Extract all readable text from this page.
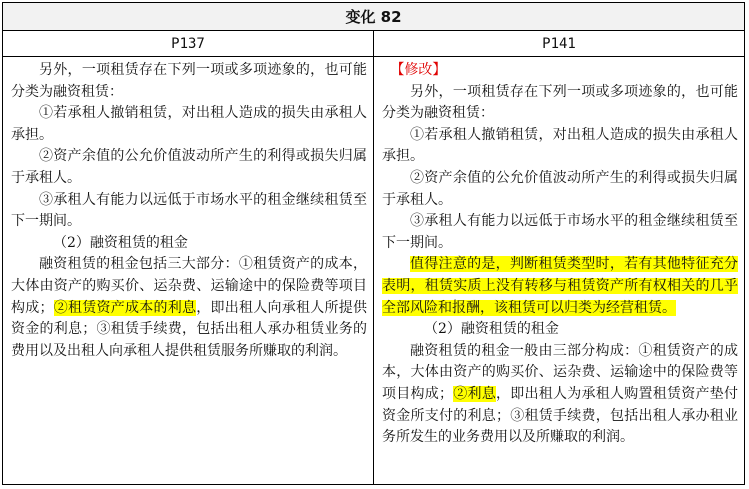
变化 82
P137	P141

另外，一项租赁存在下列一项或多项迹象的，也可能分类为融资租赁：

①若承租人撤销租赁，对出租人造成的损失由承租人承担。

②资产余值的公允价值波动所产生的利得或损失归属于承租人。

③承租人有能力以远低于市场水平的租金继续租赁至下一期间。

（2）融资租赁的租金

融资租赁的租金包括三大部分：①租赁资产的成本，大体由资产的购买价、运杂费、运输途中的保险费等项目构成；②租赁资产成本的利息，即出租人向承租人所提供资金的利息；③租赁手续费，包括出租人承办租赁业务的费用以及出租人向承租人提供租赁服务所赚取的利润。

【修改】

另外，一项租赁存在下列一项或多项迹象的，也可能分类为融资租赁：

①若承租人撤销租赁，对出租人造成的损失由承租人承担。

②资产余值的公允价值波动所产生的利得或损失归属于承租人。

③承租人有能力以远低于市场水平的租金继续租赁至下一期间。

值得注意的是，判断租赁类型时，若有其他特征充分表明，租赁实质上没有转移与租赁资产所有权相关的几乎全部风险和报酬，该租赁可以归类为经营租赁。

（2）融资租赁的租金

融资租赁的租金一般由三部分构成：①租赁资产的成本，大体由资产的购买价、运杂费、运输途中的保险费等项目构成；②利息，即出租人为承租人购置租赁资产垫付资金所支付的利息；③租赁手续费，包括出租人承办租业务所发生的业务费用以及所赚取的利润。
